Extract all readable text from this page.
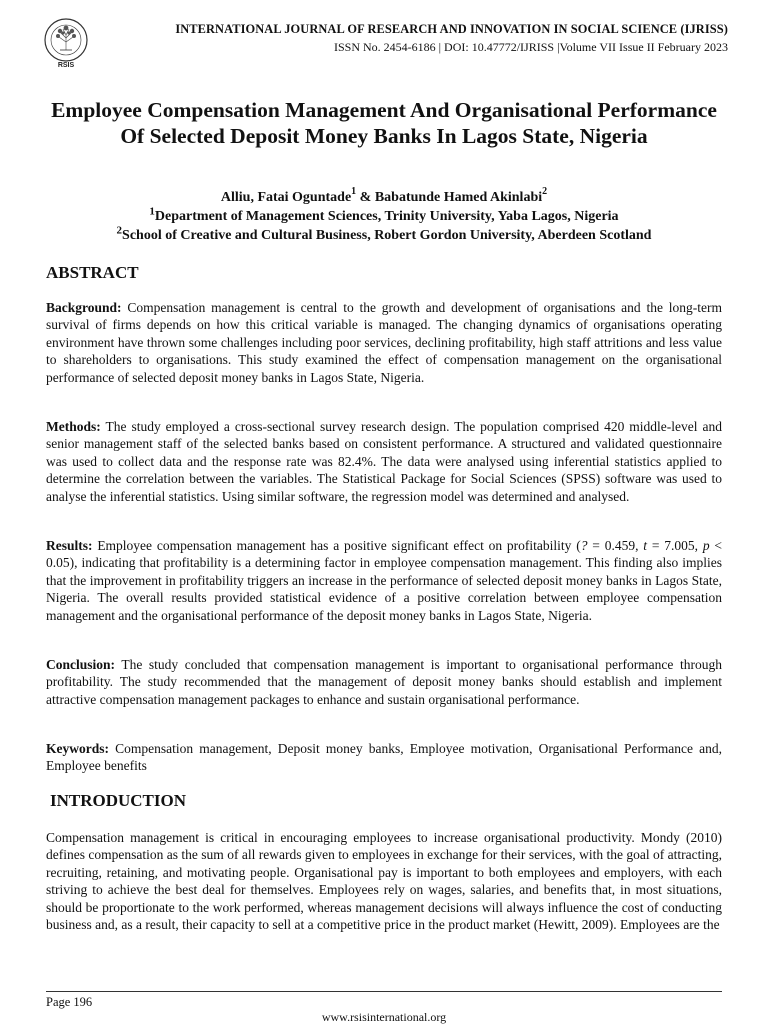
RSIS
INTERNATIONAL JOURNAL OF RESEARCH AND INNOVATION IN SOCIAL SCIENCE (IJRISS)
ISSN No. 2454-6186 | DOI: 10.47772/IJRISS |Volume VII Issue II February 2023
Employee Compensation Management And Organisational Performance Of Selected Deposit Money Banks In Lagos State, Nigeria
Alliu, Fatai Oguntade$^1$ & Babatunde Hamed Akinlabi$^2$
$^1$Department of Management Sciences, Trinity University, Yaba Lagos, Nigeria
$^2$School of Creative and Cultural Business, Robert Gordon University, Aberdeen Scotland
ABSTRACT
Background: Compensation management is central to the growth and development of organisations and the long-term survival of firms depends on how this critical variable is managed. The changing dynamics of organisations operating environment have thrown some challenges including poor services, declining profitability, high staff attritions and less value to shareholders to organisations. This study examined the effect of compensation management on the organisational performance of selected deposit money banks in Lagos State, Nigeria.
Methods: The study employed a cross-sectional survey research design. The population comprised 420 middle-level and senior management staff of the selected banks based on consistent performance. A structured and validated questionnaire was used to collect data and the response rate was 82.4%. The data were analysed using inferential statistics applied to determine the correlation between the variables. The Statistical Package for Social Sciences (SPSS) software was used to analyse the inferential statistics. Using similar software, the regression model was determined and analysed.
Results: Employee compensation management has a positive significant effect on profitability (? = 0.459, t = 7.005, p < 0.05), indicating that profitability is a determining factor in employee compensation management. This finding also implies that the improvement in profitability triggers an increase in the performance of selected deposit money banks in Lagos State, Nigeria. The overall results provided statistical evidence of a positive correlation between employee compensation management and the organisational performance of the deposit money banks in Lagos State, Nigeria.
Conclusion: The study concluded that compensation management is important to organisational performance through profitability. The study recommended that the management of deposit money banks should establish and implement attractive compensation management packages to enhance and sustain organisational performance.
Keywords: Compensation management, Deposit money banks, Employee motivation, Organisational Performance and, Employee benefits
INTRODUCTION
Compensation management is critical in encouraging employees to increase organisational productivity. Mondy (2010) defines compensation as the sum of all rewards given to employees in exchange for their services, with the goal of attracting, recruiting, retaining, and motivating people. Organisational pay is important to both employees and employers, with each striving to achieve the best deal for themselves. Employees rely on wages, salaries, and benefits that, in most situations, should be proportionate to the work performed, whereas management decisions will always influence the cost of conducting business and, as a result, their capacity to sell at a competitive price in the product market (Hewitt, 2009). Employees are the
Page 196
www.rsisinternational.org
